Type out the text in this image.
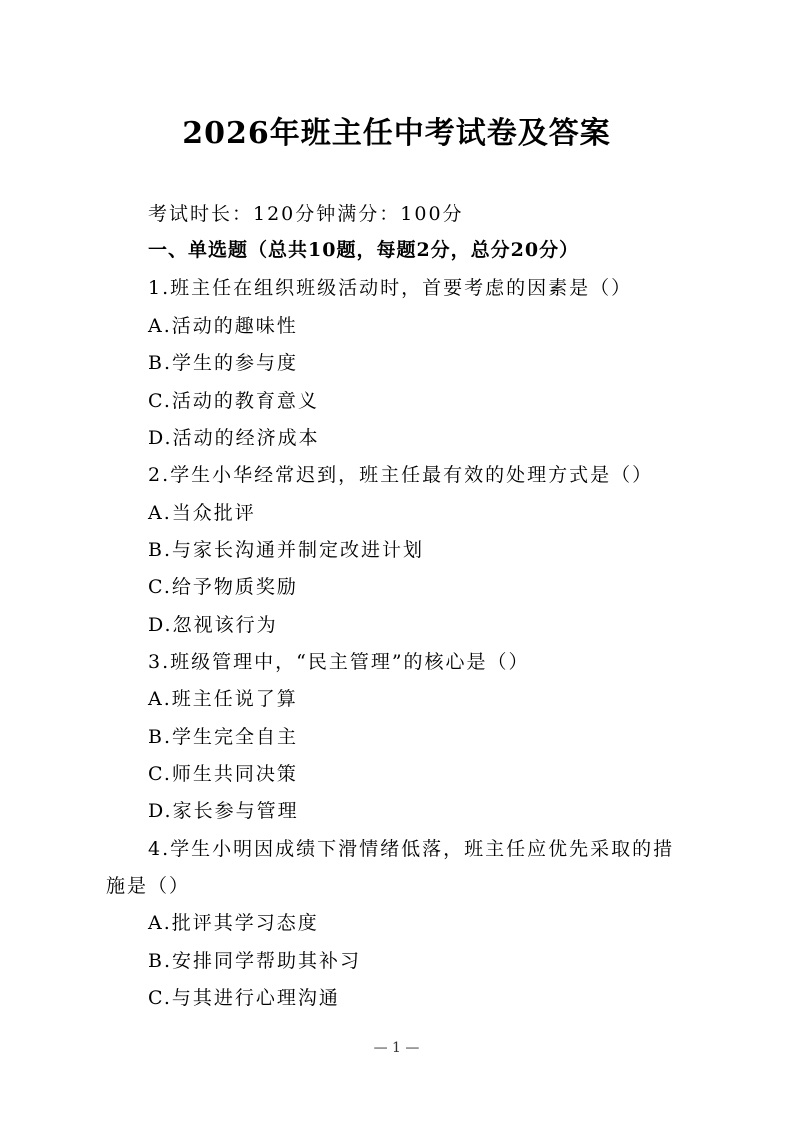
2026年班主任中考试卷及答案
考试时长：120分钟满分：100分
一、单选题（总共10题，每题2分，总分20分）
1.班主任在组织班级活动时，首要考虑的因素是（）
A.活动的趣味性
B.学生的参与度
C.活动的教育意义
D.活动的经济成本
2.学生小华经常迟到，班主任最有效的处理方式是（）
A.当众批评
B.与家长沟通并制定改进计划
C.给予物质奖励
D.忽视该行为
3.班级管理中，“民主管理”的核心是（）
A.班主任说了算
B.学生完全自主
C.师生共同决策
D.家长参与管理
4.学生小明因成绩下滑情绪低落，班主任应优先采取的措
施是（）
A.批评其学习态度
B.安排同学帮助其补习
C.与其进行心理沟通
— 1 —
